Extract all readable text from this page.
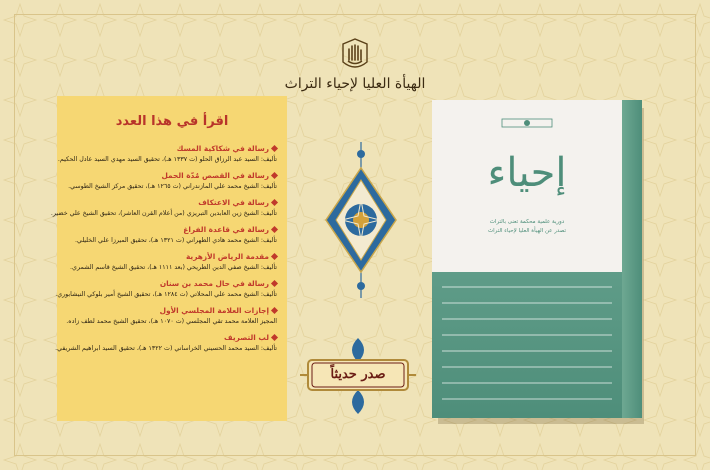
الهيأة العليا لإحياء التراث
اقرأ في هذا العدد
رسالة في شكاكية المسك
تأليف: السيد عبد الرزاق الحلو (ت ١٣٣٧ هـ)، تحقيق السيد مهدي السيد عادل الحكيم.
رسالة في القصص مُدّة الحمل
تأليف: الشيخ محمد علي المازندراني (ت ١٢٦٥ هـ)، تحقيق مركز الشيخ الطوسي.
رسالة في الاعتكاف
تأليف: الشيخ زين العابدين التبريزي (من أعلام القرن العاشر)، تحقيق الشيخ علي خضير.
رسالة في قاعدة الفراغ
تأليف: الشيخ محمد هادي الطهراني (ت ١٣٢١ هـ)، تحقيق الميرزا علي الخليلي.
مقدمة الرياض الأزهرية
تأليف: الشيخ صفي الدين الطريحي (بعد ١١١١ هـ)، تحقيق الشيخ قاسم الشمري.
رسالة في حال محمد بن سنان
تأليف: الشيخ محمد علي المحلاتي (ت ١٢٨٤ هـ)، تحقيق الشيخ أمير بلوكي النيشابوري.
إجازات العلامة المجلسي الأول
المجيز العلامة محمد تقي المجلسي (ت ١٠٧٠ هـ)، تحقيق الشيخ محمد لطف زاده.
لب التصريف
تأليف: السيد محمد الحسيني الخراساني (ت ١٣٢٢ هـ)، تحقيق السيد ابراهيم الشريفي.
صدر حديثاً
إحياء
دورية علمية محكمة تعنى بالتراث
تصدر عن الهيأة العليا لإحياء التراث
